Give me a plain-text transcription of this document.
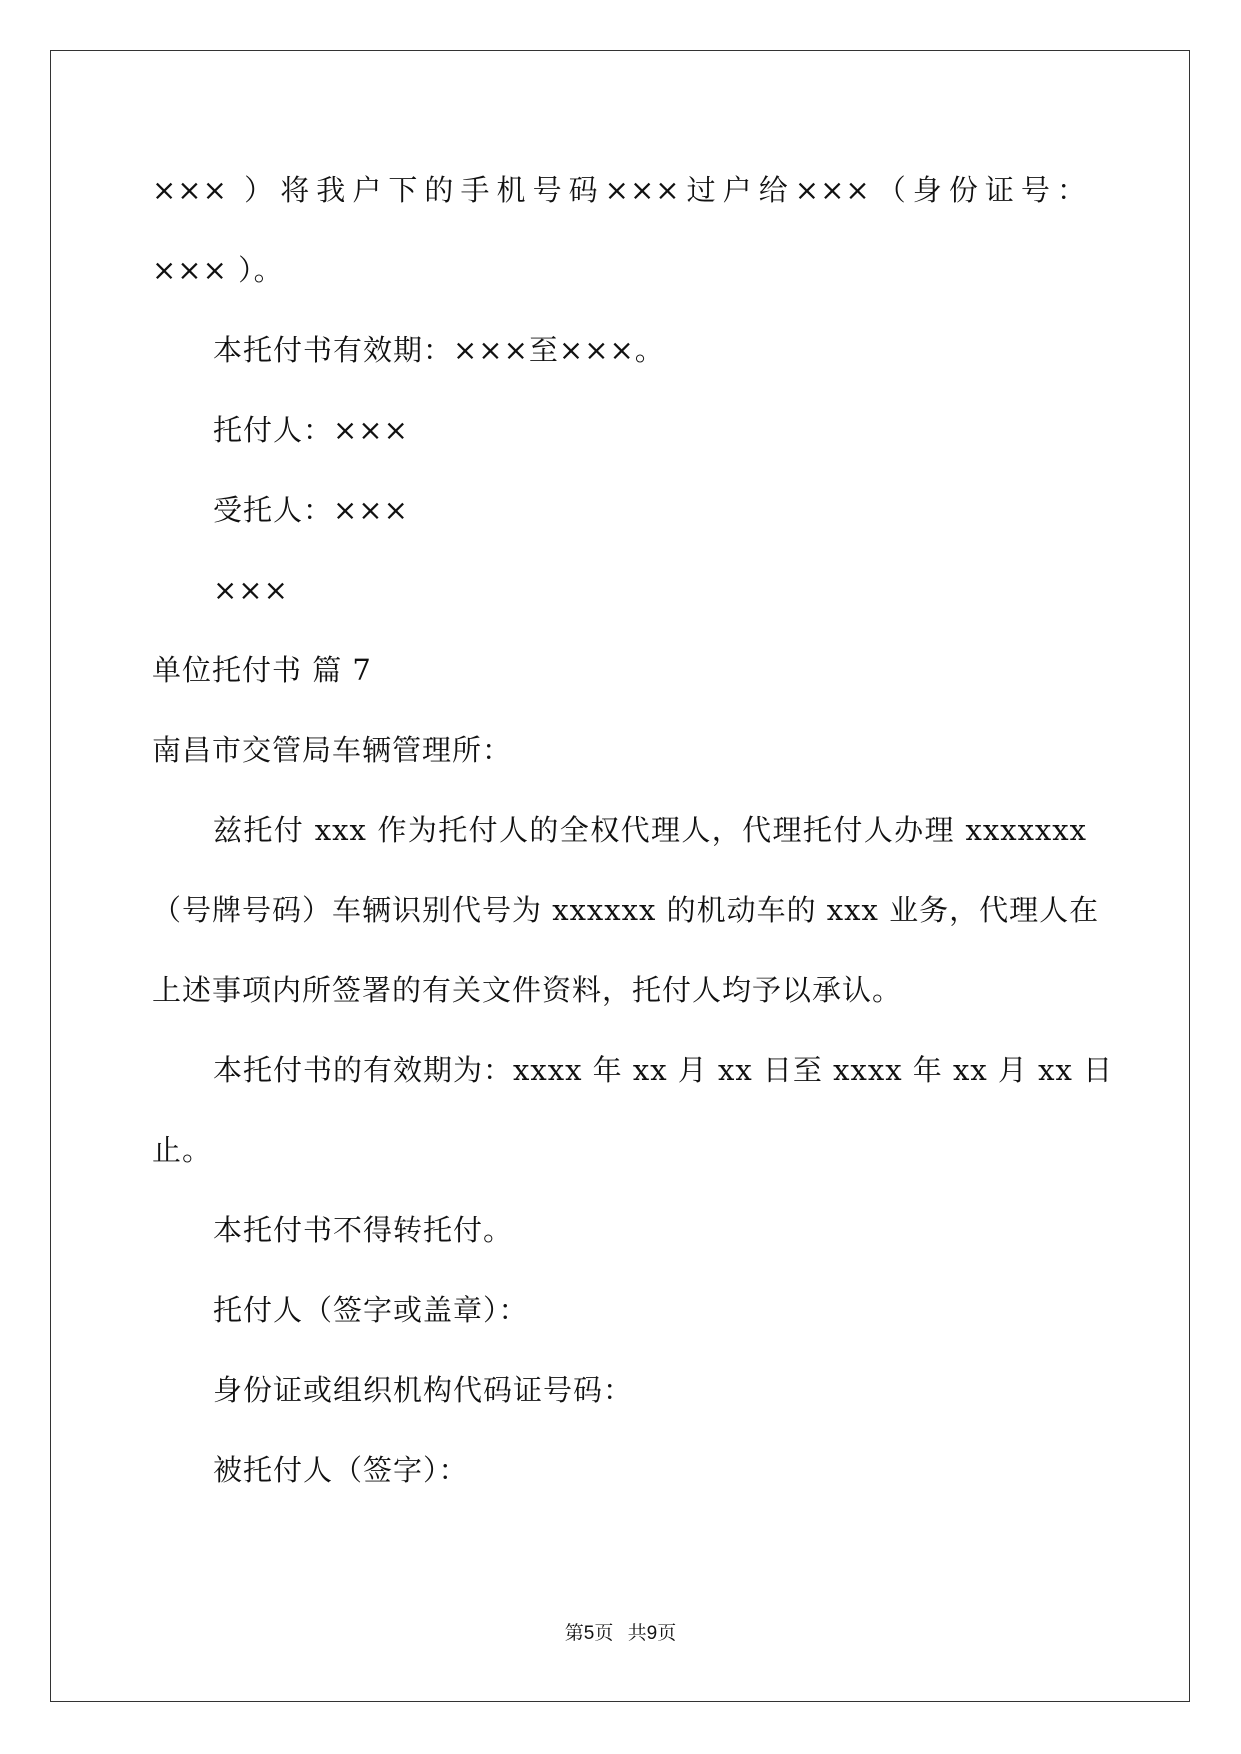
××× ）将我户下的手机号码×××过户给×××（身份证号：

××× ）。

本托付书有效期：×××至×××。

托付人：×××

受托人：×××

×××

单位托付书 篇 7

南昌市交管局车辆管理所：

兹托付 xxx 作为托付人的全权代理人，代理托付人办理 xxxxxxx

（号牌号码）车辆识别代号为 xxxxxx 的机动车的 xxx 业务，代理人在

上述事项内所签署的有关文件资料，托付人均予以承认。

本托付书的有效期为：xxxx 年 xx 月 xx 日至 xxxx 年 xx 月 xx 日

止。

本托付书不得转托付。

托付人（签字或盖章）：

身份证或组织机构代码证号码：

被托付人（签字）：

第5页 共9页
